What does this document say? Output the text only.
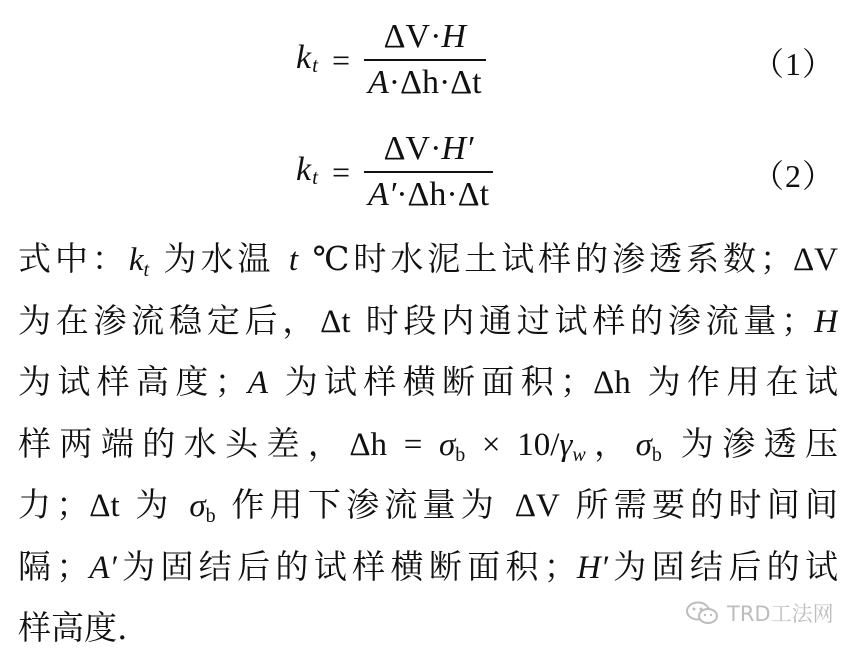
$k_t = \frac{\Delta V\cdot H}{A\cdot\Delta h\cdot\Delta t}$	（1）
$k_t = \frac{\Delta V\cdot H'}{A'\cdot\Delta h\cdot\Delta t}$	（2）
式中：kt 为水温 t ℃时水泥土试样的渗透系数；ΔV
为在渗流稳定后，Δt 时段内通过试样的渗流量；H
为试样高度；A 为试样横断面积；Δh 为作用在试
样两端的水头差，Δh = σb × 10/γw，σb 为渗透压
力；Δt 为 σb 作用下渗流量为 ΔV 所需要的时间间
隔；A′为固结后的试样横断面积；H′为固结后的试
样高度.	TRD工法网
